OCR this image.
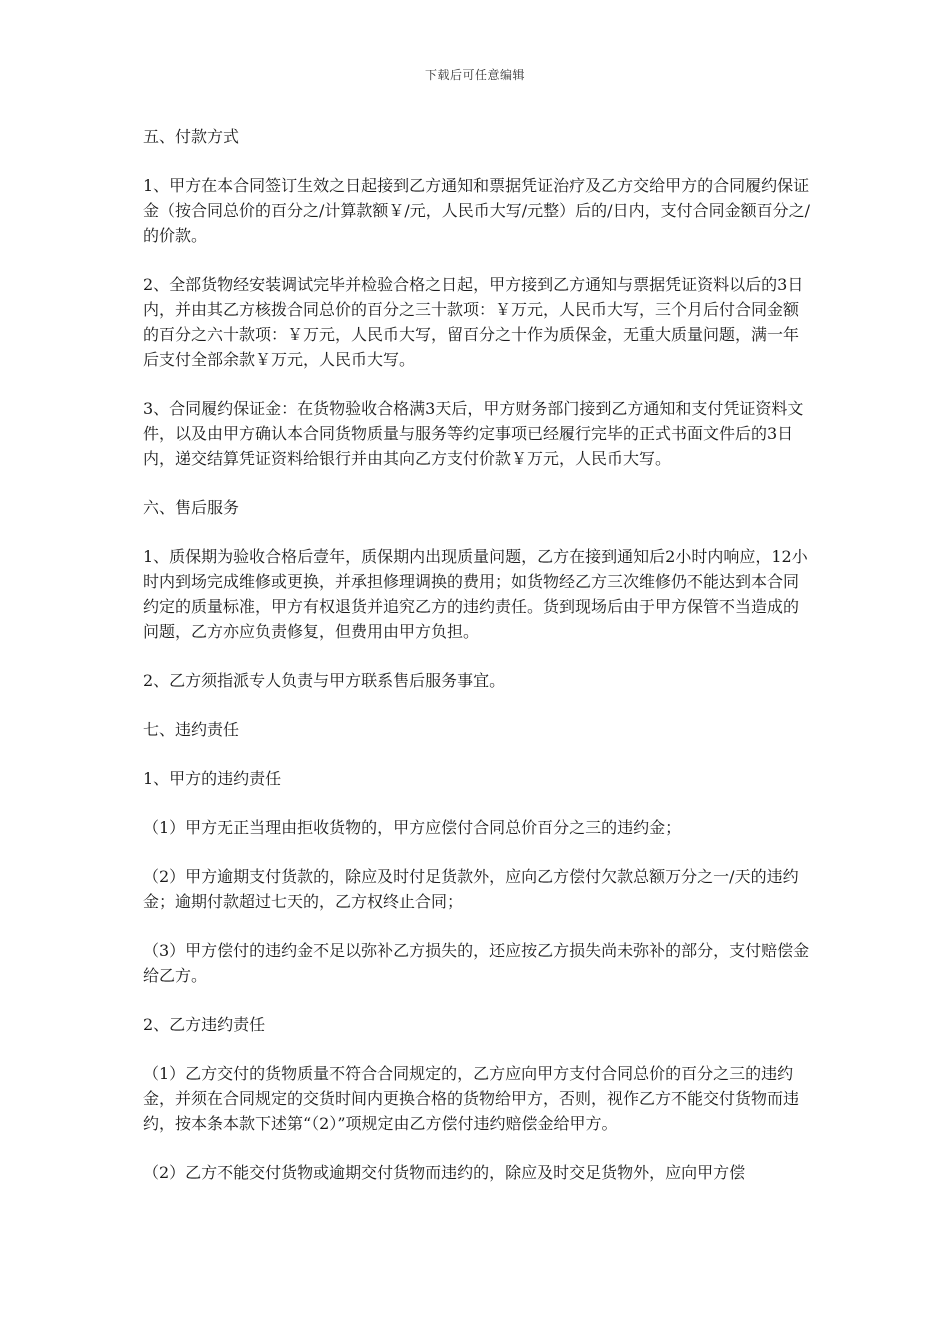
下载后可任意编辑

五、付款方式

1、甲方在本合同签订生效之日起接到乙方通知和票据凭证治疗及乙方交给甲方的合同履约保证金（按合同总价的百分之/计算款额￥/元，人民币大写/元整）后的/日内，支付合同金额百分之/的价款。

2、全部货物经安装调试完毕并检验合格之日起，甲方接到乙方通知与票据凭证资料以后的3日内，并由其乙方核拨合同总价的百分之三十款项：￥万元，人民币大写，三个月后付合同金额的百分之六十款项：￥万元，人民币大写，留百分之十作为质保金，无重大质量问题，满一年后支付全部余款￥万元，人民币大写。

3、合同履约保证金：在货物验收合格满3天后，甲方财务部门接到乙方通知和支付凭证资料文件，以及由甲方确认本合同货物质量与服务等约定事项已经履行完毕的正式书面文件后的3日内，递交结算凭证资料给银行并由其向乙方支付价款￥万元，人民币大写。

六、售后服务

1、质保期为验收合格后壹年，质保期内出现质量问题，乙方在接到通知后2小时内响应，12小时内到场完成维修或更换，并承担修理调换的费用；如货物经乙方三次维修仍不能达到本合同约定的质量标准，甲方有权退货并追究乙方的违约责任。货到现场后由于甲方保管不当造成的问题，乙方亦应负责修复，但费用由甲方负担。

2、乙方须指派专人负责与甲方联系售后服务事宜。

七、违约责任

1、甲方的违约责任

（1）甲方无正当理由拒收货物的，甲方应偿付合同总价百分之三的违约金；

（2）甲方逾期支付货款的，除应及时付足货款外，应向乙方偿付欠款总额万分之一/天的违约金；逾期付款超过七天的，乙方权终止合同；

（3）甲方偿付的违约金不足以弥补乙方损失的，还应按乙方损失尚未弥补的部分，支付赔偿金给乙方。

2、乙方违约责任

（1）乙方交付的货物质量不符合合同规定的，乙方应向甲方支付合同总价的百分之三的违约金，并须在合同规定的交货时间内更换合格的货物给甲方，否则，视作乙方不能交付货物而违约，按本条本款下述第“（2）”项规定由乙方偿付违约赔偿金给甲方。

（2）乙方不能交付货物或逾期交付货物而违约的，除应及时交足货物外，应向甲方偿
